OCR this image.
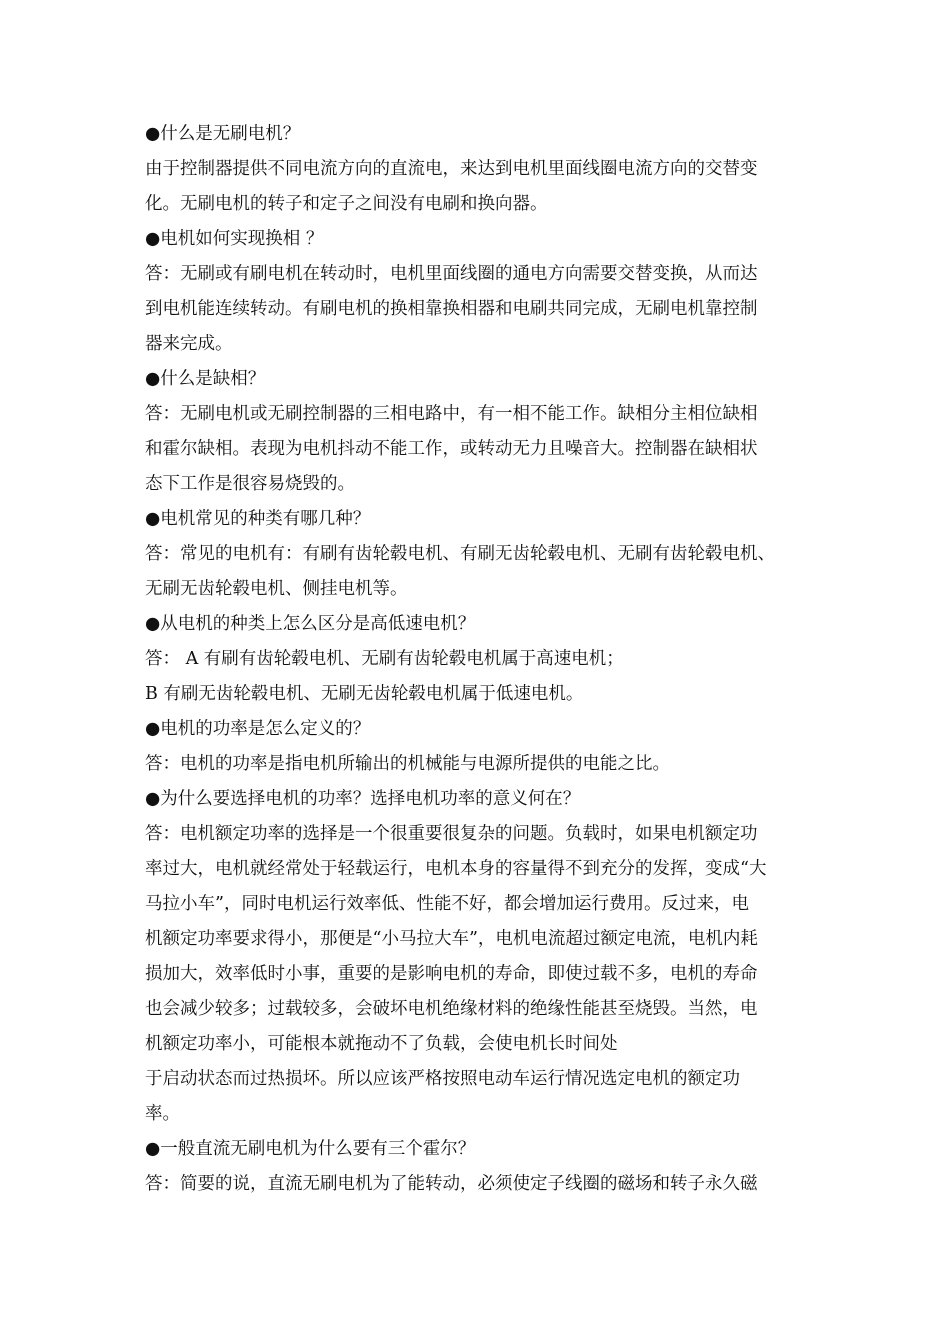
●什么是无刷电机？
由于控制器提供不同电流方向的直流电，来达到电机里面线圈电流方向的交替变
化。无刷电机的转子和定子之间没有电刷和换向器。
●电机如何实现换相 ？
答：无刷或有刷电机在转动时，电机里面线圈的通电方向需要交替变换，从而达
到电机能连续转动。有刷电机的换相靠换相器和电刷共同完成，无刷电机靠控制
器来完成。
●什么是缺相？
答：无刷电机或无刷控制器的三相电路中，有一相不能工作。缺相分主相位缺相
和霍尔缺相。表现为电机抖动不能工作，或转动无力且噪音大。控制器在缺相状
态下工作是很容易烧毁的。
●电机常见的种类有哪几种？
答：常见的电机有：有刷有齿轮毂电机、有刷无齿轮毂电机、无刷有齿轮毂电机、
无刷无齿轮毂电机、侧挂电机等。
●从电机的种类上怎么区分是高低速电机？
答： A 有刷有齿轮毂电机、无刷有齿轮毂电机属于高速电机；
B 有刷无齿轮毂电机、无刷无齿轮毂电机属于低速电机。
●电机的功率是怎么定义的？
答：电机的功率是指电机所输出的机械能与电源所提供的电能之比。
●为什么要选择电机的功率？选择电机功率的意义何在？
答：电机额定功率的选择是一个很重要很复杂的问题。负载时，如果电机额定功
率过大，电机就经常处于轻载运行，电机本身的容量得不到充分的发挥，变成“大
马拉小车”，同时电机运行效率低、性能不好，都会增加运行费用。反过来，电
机额定功率要求得小，那便是“小马拉大车”，电机电流超过额定电流，电机内耗
损加大，效率低时小事，重要的是影响电机的寿命，即使过载不多，电机的寿命
也会减少较多；过载较多，会破坏电机绝缘材料的绝缘性能甚至烧毁。当然，电
机额定功率小，可能根本就拖动不了负载，会使电机长时间处
于启动状态而过热损坏。所以应该严格按照电动车运行情况选定电机的额定功
率。
●一般直流无刷电机为什么要有三个霍尔？
答：简要的说，直流无刷电机为了能转动，必须使定子线圈的磁场和转子永久磁
